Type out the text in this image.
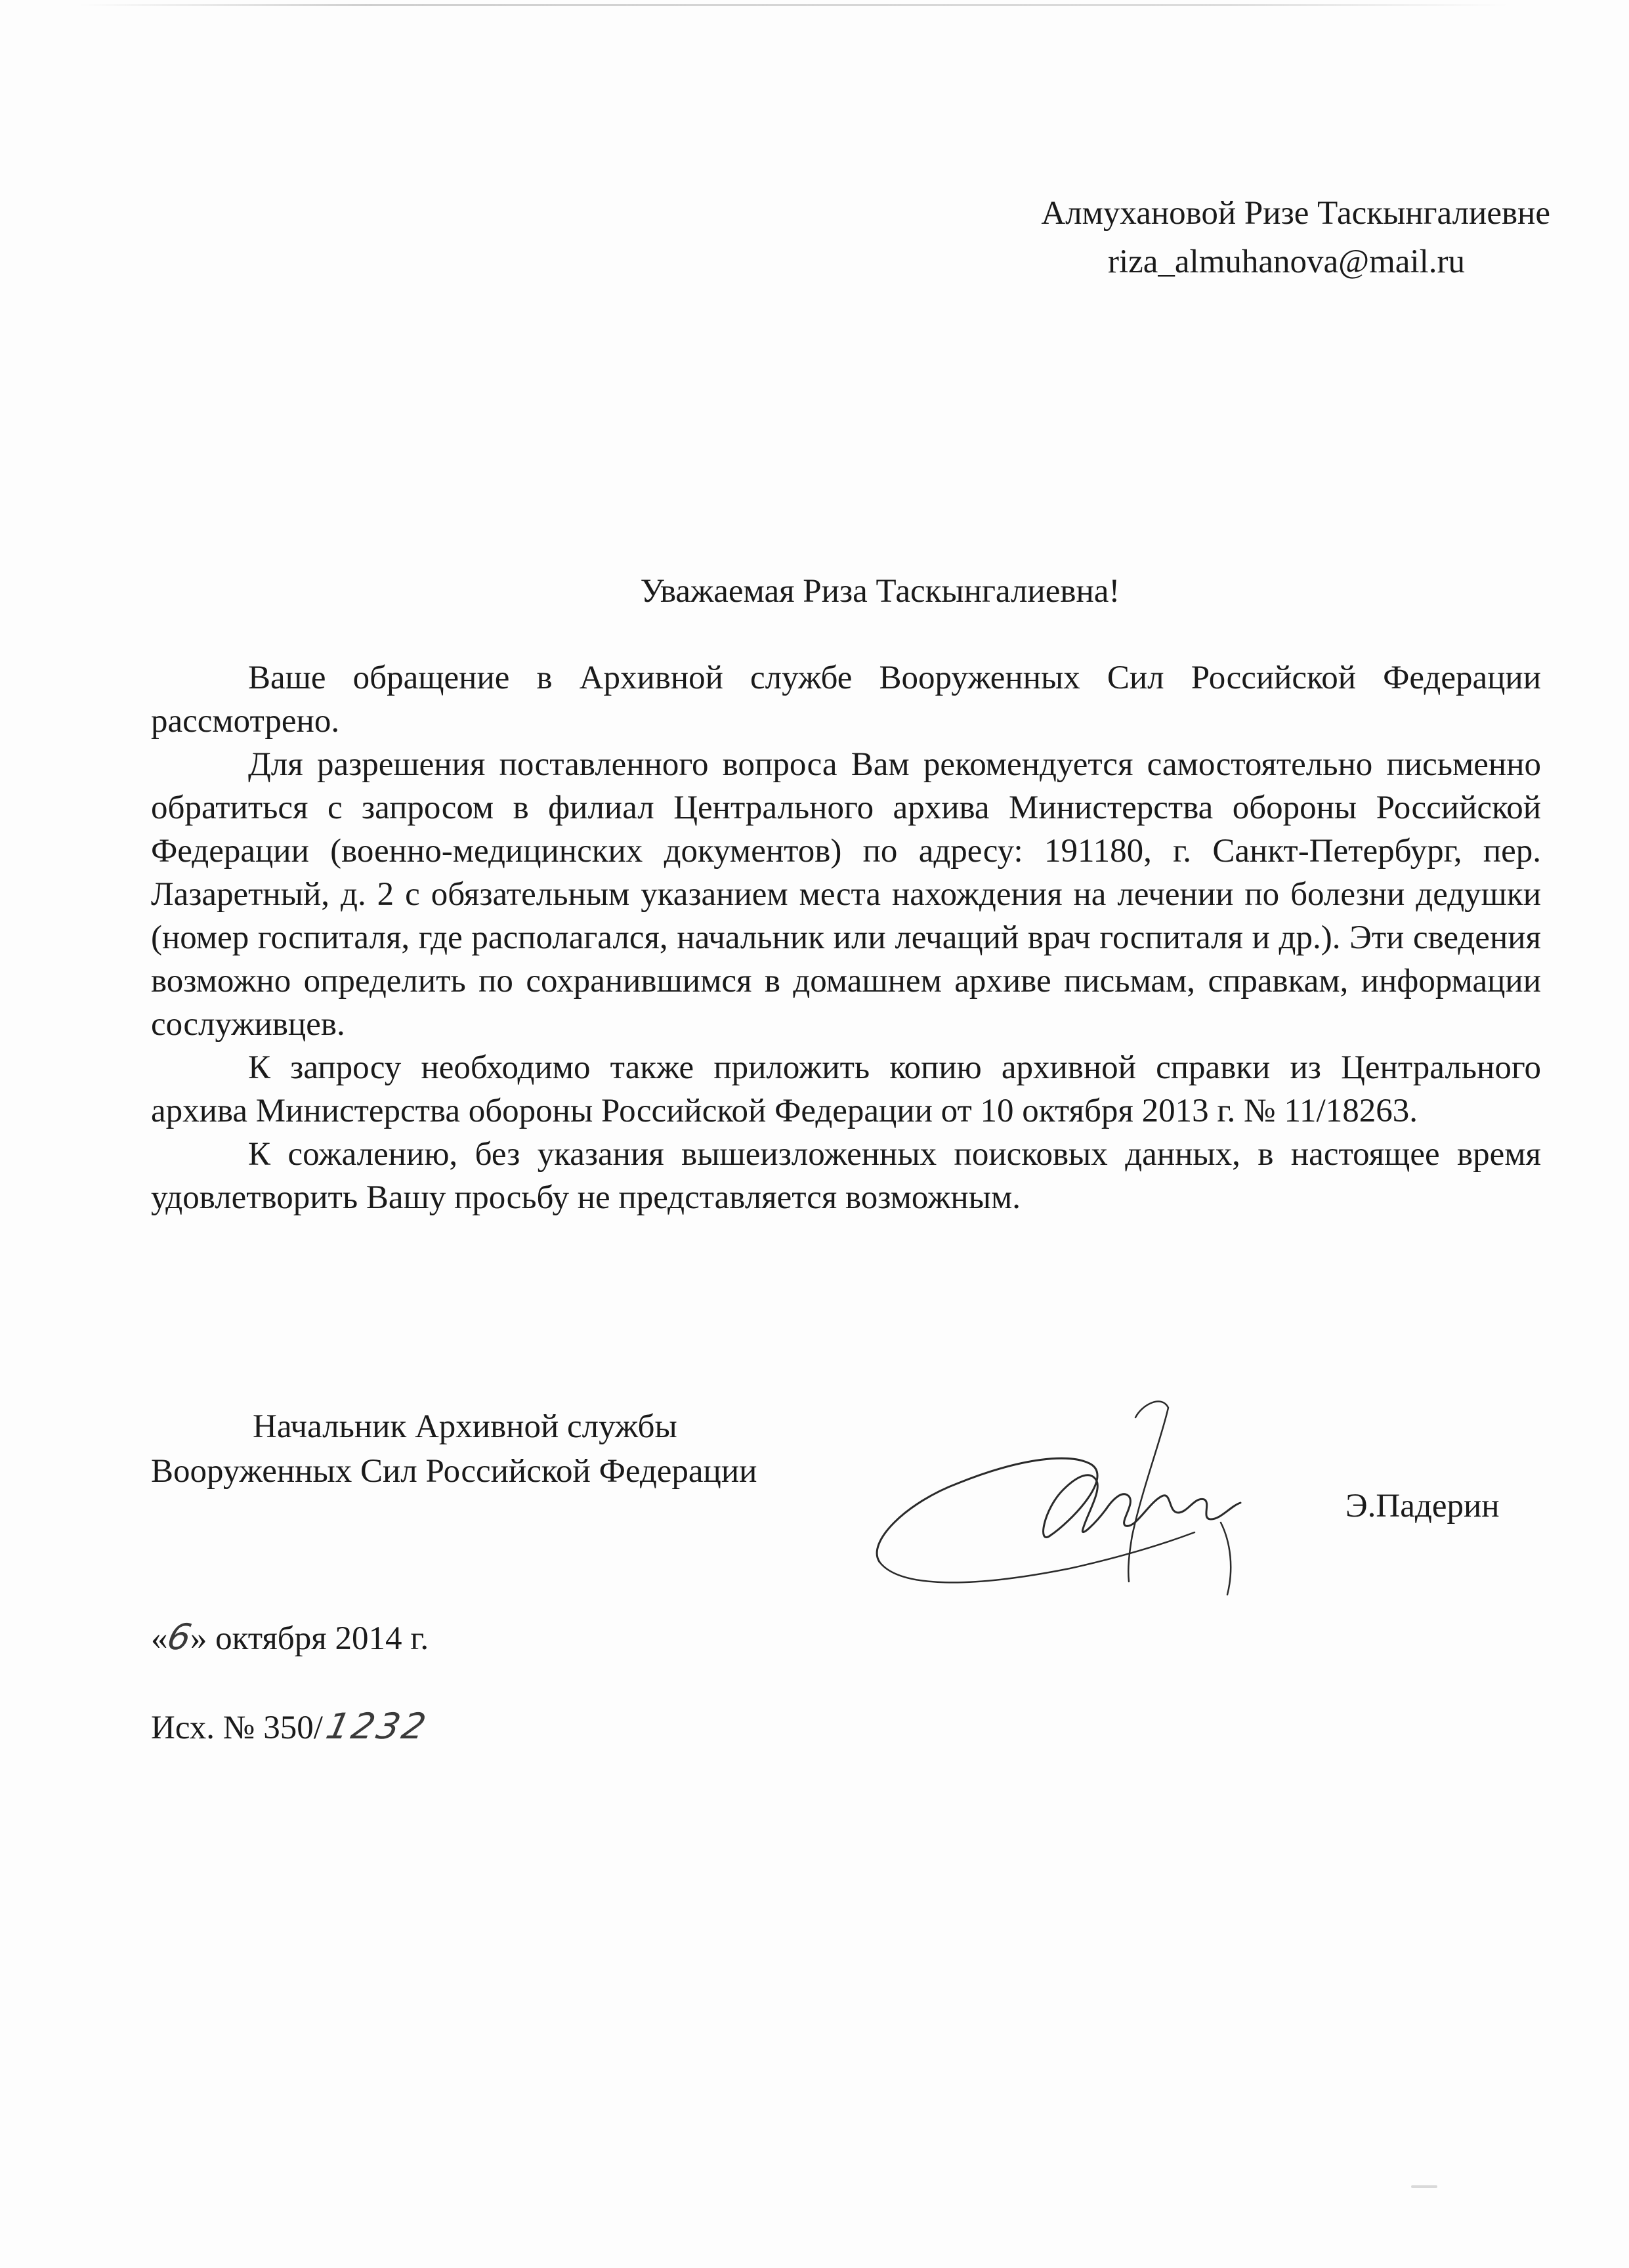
Алмухановой Ризе Таскынгалиевне
riza_almuhanova@mail.ru
Уважаемая Риза Таскынгалиевна!

Ваше обращение в Архивной службе Вооруженных Сил Российской Федерации рассмотрено.

Для разрешения поставленного вопроса Вам рекомендуется самостоятельно письменно обратиться с запросом в филиал Центрального архива Министерства обороны Российской Федерации (военно-медицинских документов) по адресу: 191180, г. Санкт-Петербург, пер. Лазаретный, д. 2 с обязательным указанием места нахождения на лечении по болезни дедушки (номер госпиталя, где располагался, начальник или лечащий врач госпиталя и др.). Эти сведения возможно определить по сохранившимся в домашнем архиве письмам, справкам, информации сослуживцев.

К запросу необходимо также приложить копию архивной справки из Центрального архива Министерства обороны Российской Федерации от 10 октября 2013 г. № 11/18263.

К сожалению, без указания вышеизложенных поисковых данных, в настоящее время удовлетворить Вашу просьбу не представляется возможным.

Начальник Архивной службы
Вооруженных Сил Российской Федерации
Э.Падерин
«6» октября 2014 г.
Исх. № 350/1232
